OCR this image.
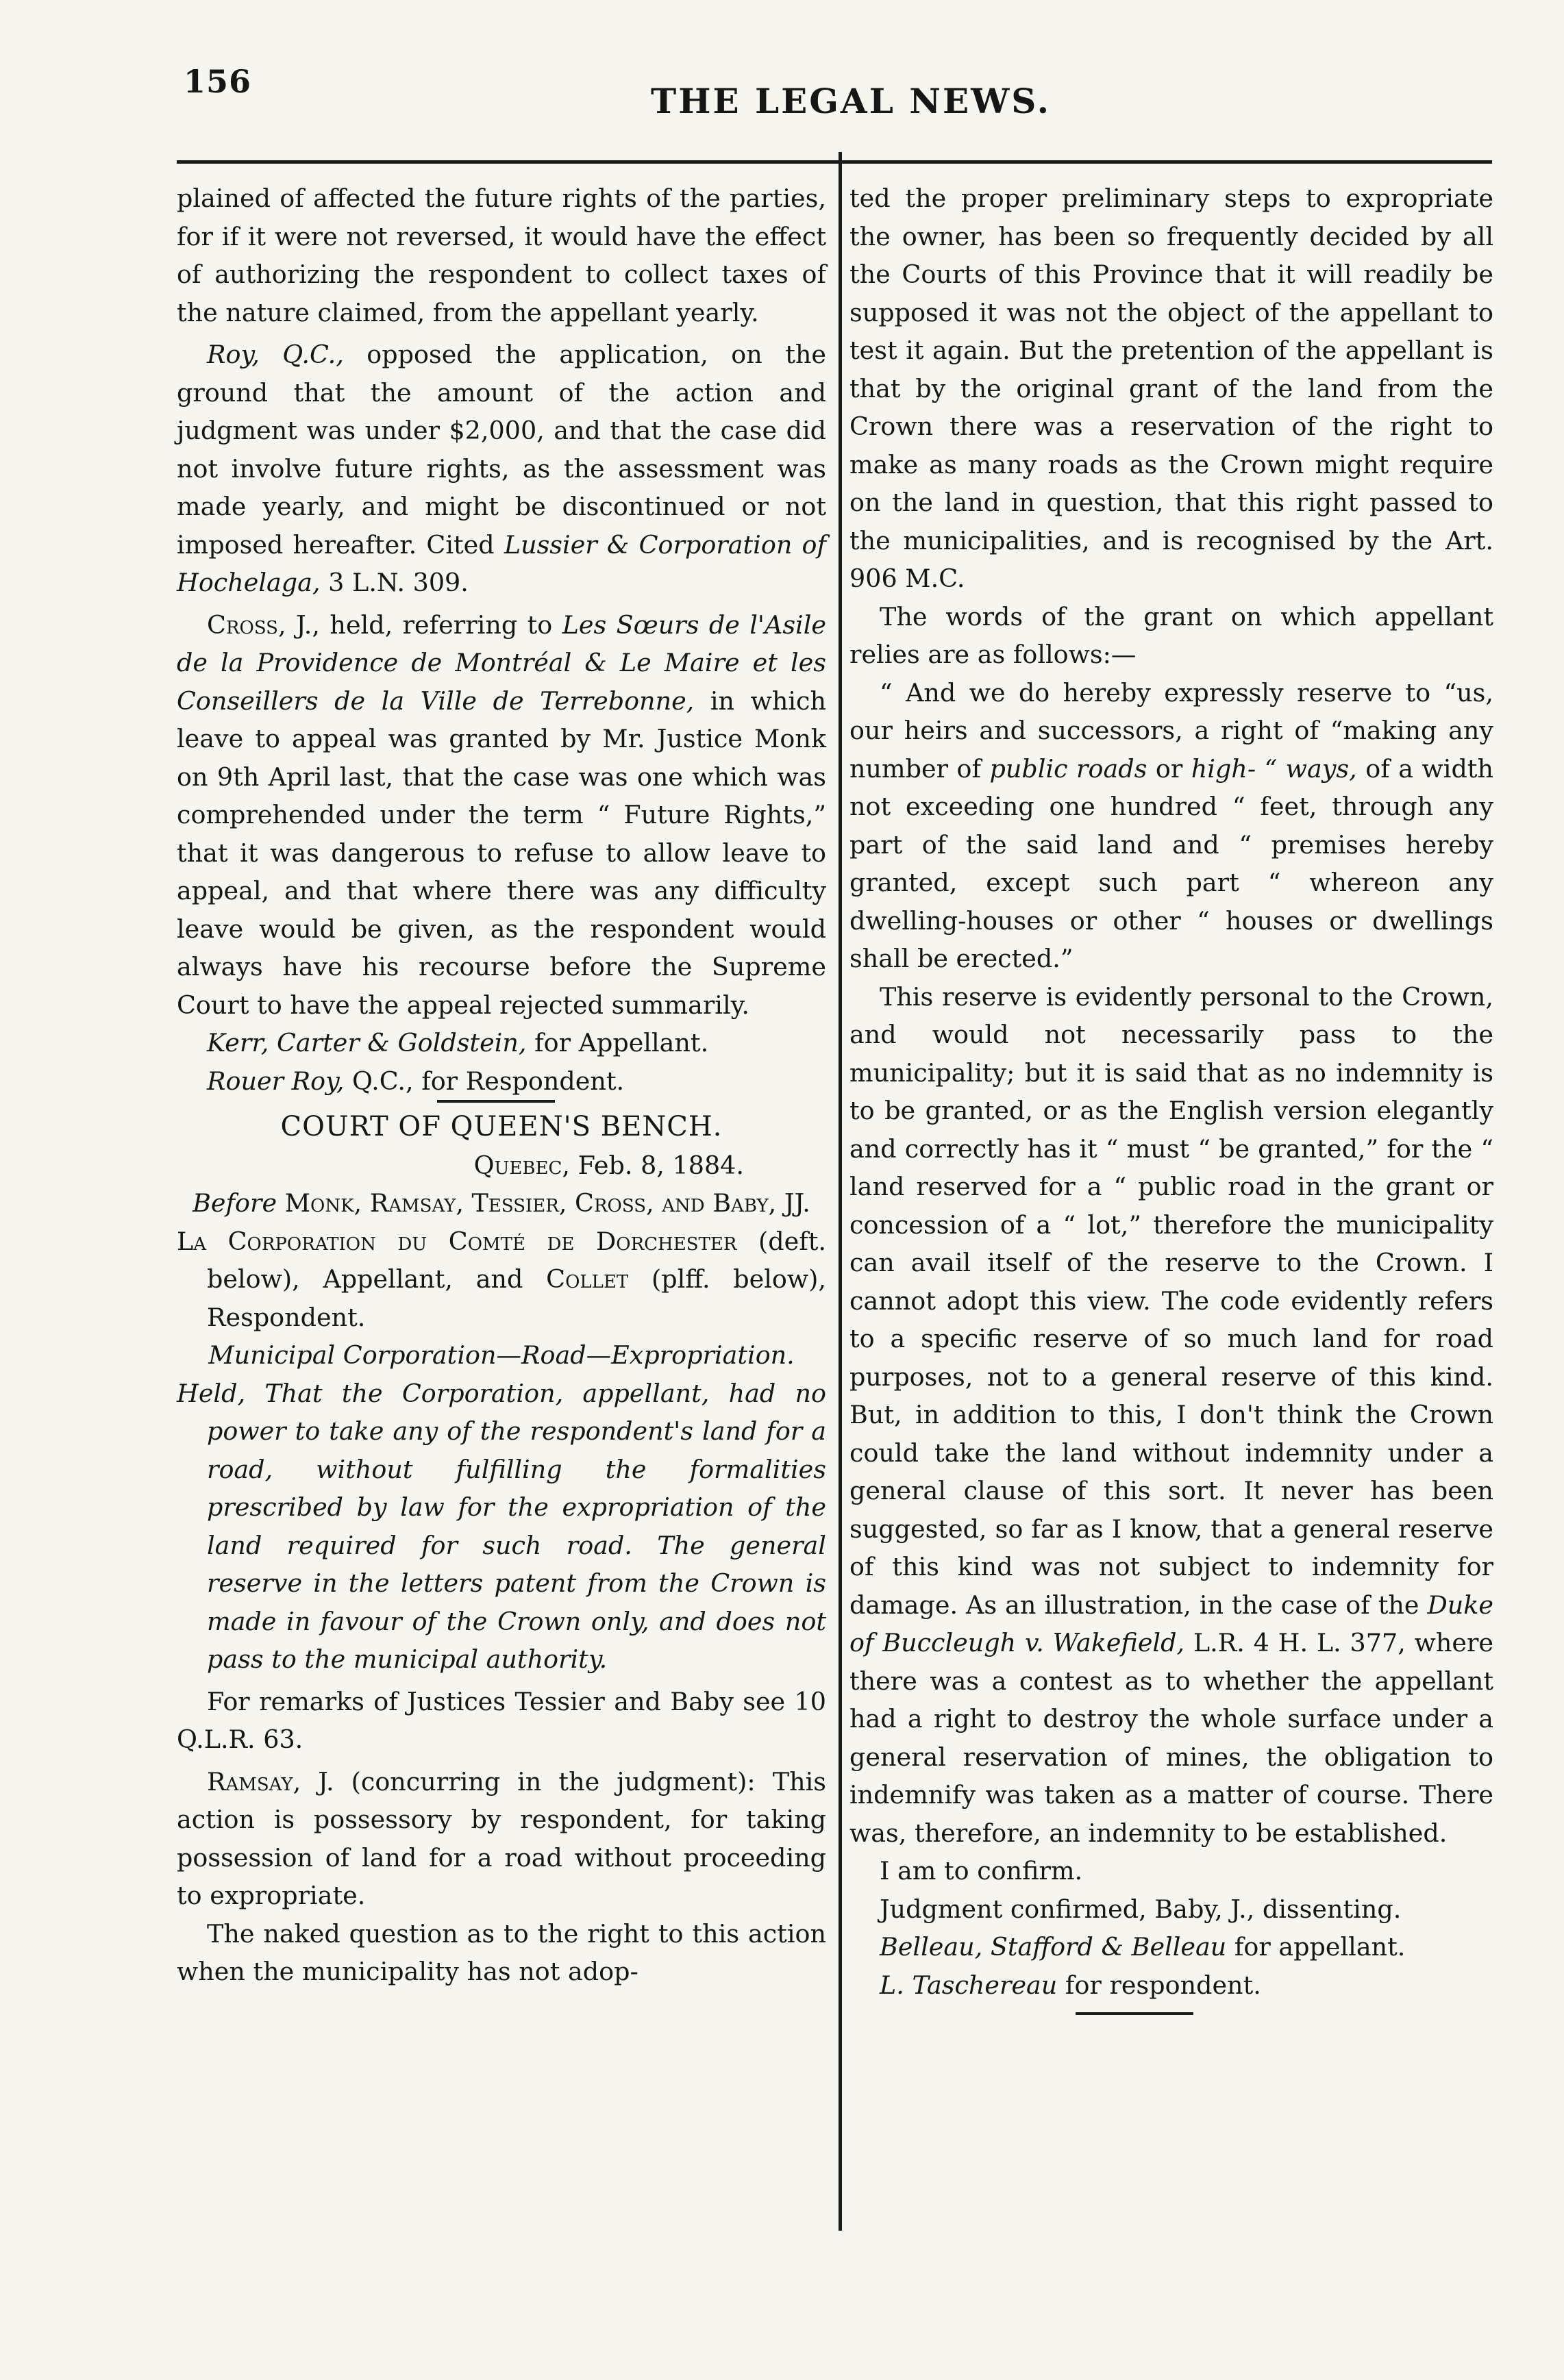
156	THE LEGAL NEWS.

plained of affected the future rights of the parties, for if it were not reversed, it would have the effect of authorizing the respondent to collect taxes of the nature claimed, from the appellant yearly.

Roy, Q.C., opposed the application, on the ground that the amount of the action and judgment was under $2,000, and that the case did not involve future rights, as the assessment was made yearly, and might be discontinued or not imposed hereafter. Cited Lussier & Corporation of Hochelaga, 3 L.N. 309.

Cross, J., held, referring to Les Sœurs de l'Asile de la Providence de Montréal & Le Maire et les Conseillers de la Ville de Terrebonne, in which leave to appeal was granted by Mr. Justice Monk on 9th April last, that the case was one which was comprehended under the term “ Future Rights,” that it was dangerous to refuse to allow leave to appeal, and that where there was any difficulty leave would be given, as the respondent would always have his recourse before the Supreme Court to have the appeal rejected summarily.

Kerr, Carter & Goldstein, for Appellant.

Rouer Roy, Q.C., for Respondent.

COURT OF QUEEN'S BENCH.

Quebec, Feb. 8, 1884.

Before Monk, Ramsay, Tessier, Cross, and Baby, JJ.

La Corporation du Comté de Dorchester (deft. below), Appellant, and Collet (plff. below), Respondent.

Municipal Corporation—Road—Expropriation.

Held, That the Corporation, appellant, had no power to take any of the respondent's land for a road, without fulfilling the formalities prescribed by law for the expropriation of the land required for such road. The general reserve in the letters patent from the Crown is made in favour of the Crown only, and does not pass to the municipal authority.

For remarks of Justices Tessier and Baby see 10 Q.L.R. 63.

Ramsay, J. (concurring in the judgment): This action is possessory by respondent, for taking possession of land for a road without proceeding to expropriate.

The naked question as to the right to this action when the municipality has not adop-

ted the proper preliminary steps to expropriate the owner, has been so frequently decided by all the Courts of this Province that it will readily be supposed it was not the object of the appellant to test it again. But the pretention of the appellant is that by the original grant of the land from the Crown there was a reservation of the right to make as many roads as the Crown might require on the land in question, that this right passed to the municipalities, and is recognised by the Art. 906 M.C.

The words of the grant on which appellant relies are as follows:—

“ And we do hereby expressly reserve to “us, our heirs and successors, a right of “making any number of public roads or high- “ ways, of a width not exceeding one hundred “ feet, through any part of the said land and “ premises hereby granted, except such part “ whereon any dwelling-houses or other “ houses or dwellings shall be erected.”

This reserve is evidently personal to the Crown, and would not necessarily pass to the municipality; but it is said that as no indemnity is to be granted, or as the English version elegantly and correctly has it “ must “ be granted,” for the “ land reserved for a “ public road in the grant or concession of a “ lot,” therefore the municipality can avail itself of the reserve to the Crown. I cannot adopt this view. The code evidently refers to a specific reserve of so much land for road purposes, not to a general reserve of this kind. But, in addition to this, I don't think the Crown could take the land without indemnity under a general clause of this sort. It never has been suggested, so far as I know, that a general reserve of this kind was not subject to indemnity for damage. As an illustration, in the case of the Duke of Buccleugh v. Wakefield, L.R. 4 H. L. 377, where there was a contest as to whether the appellant had a right to destroy the whole surface under a general reservation of mines, the obligation to indemnify was taken as a matter of course. There was, therefore, an indemnity to be established.

I am to confirm.

Judgment confirmed, Baby, J., dissenting.

Belleau, Stafford & Belleau for appellant.

L. Taschereau for respondent.
